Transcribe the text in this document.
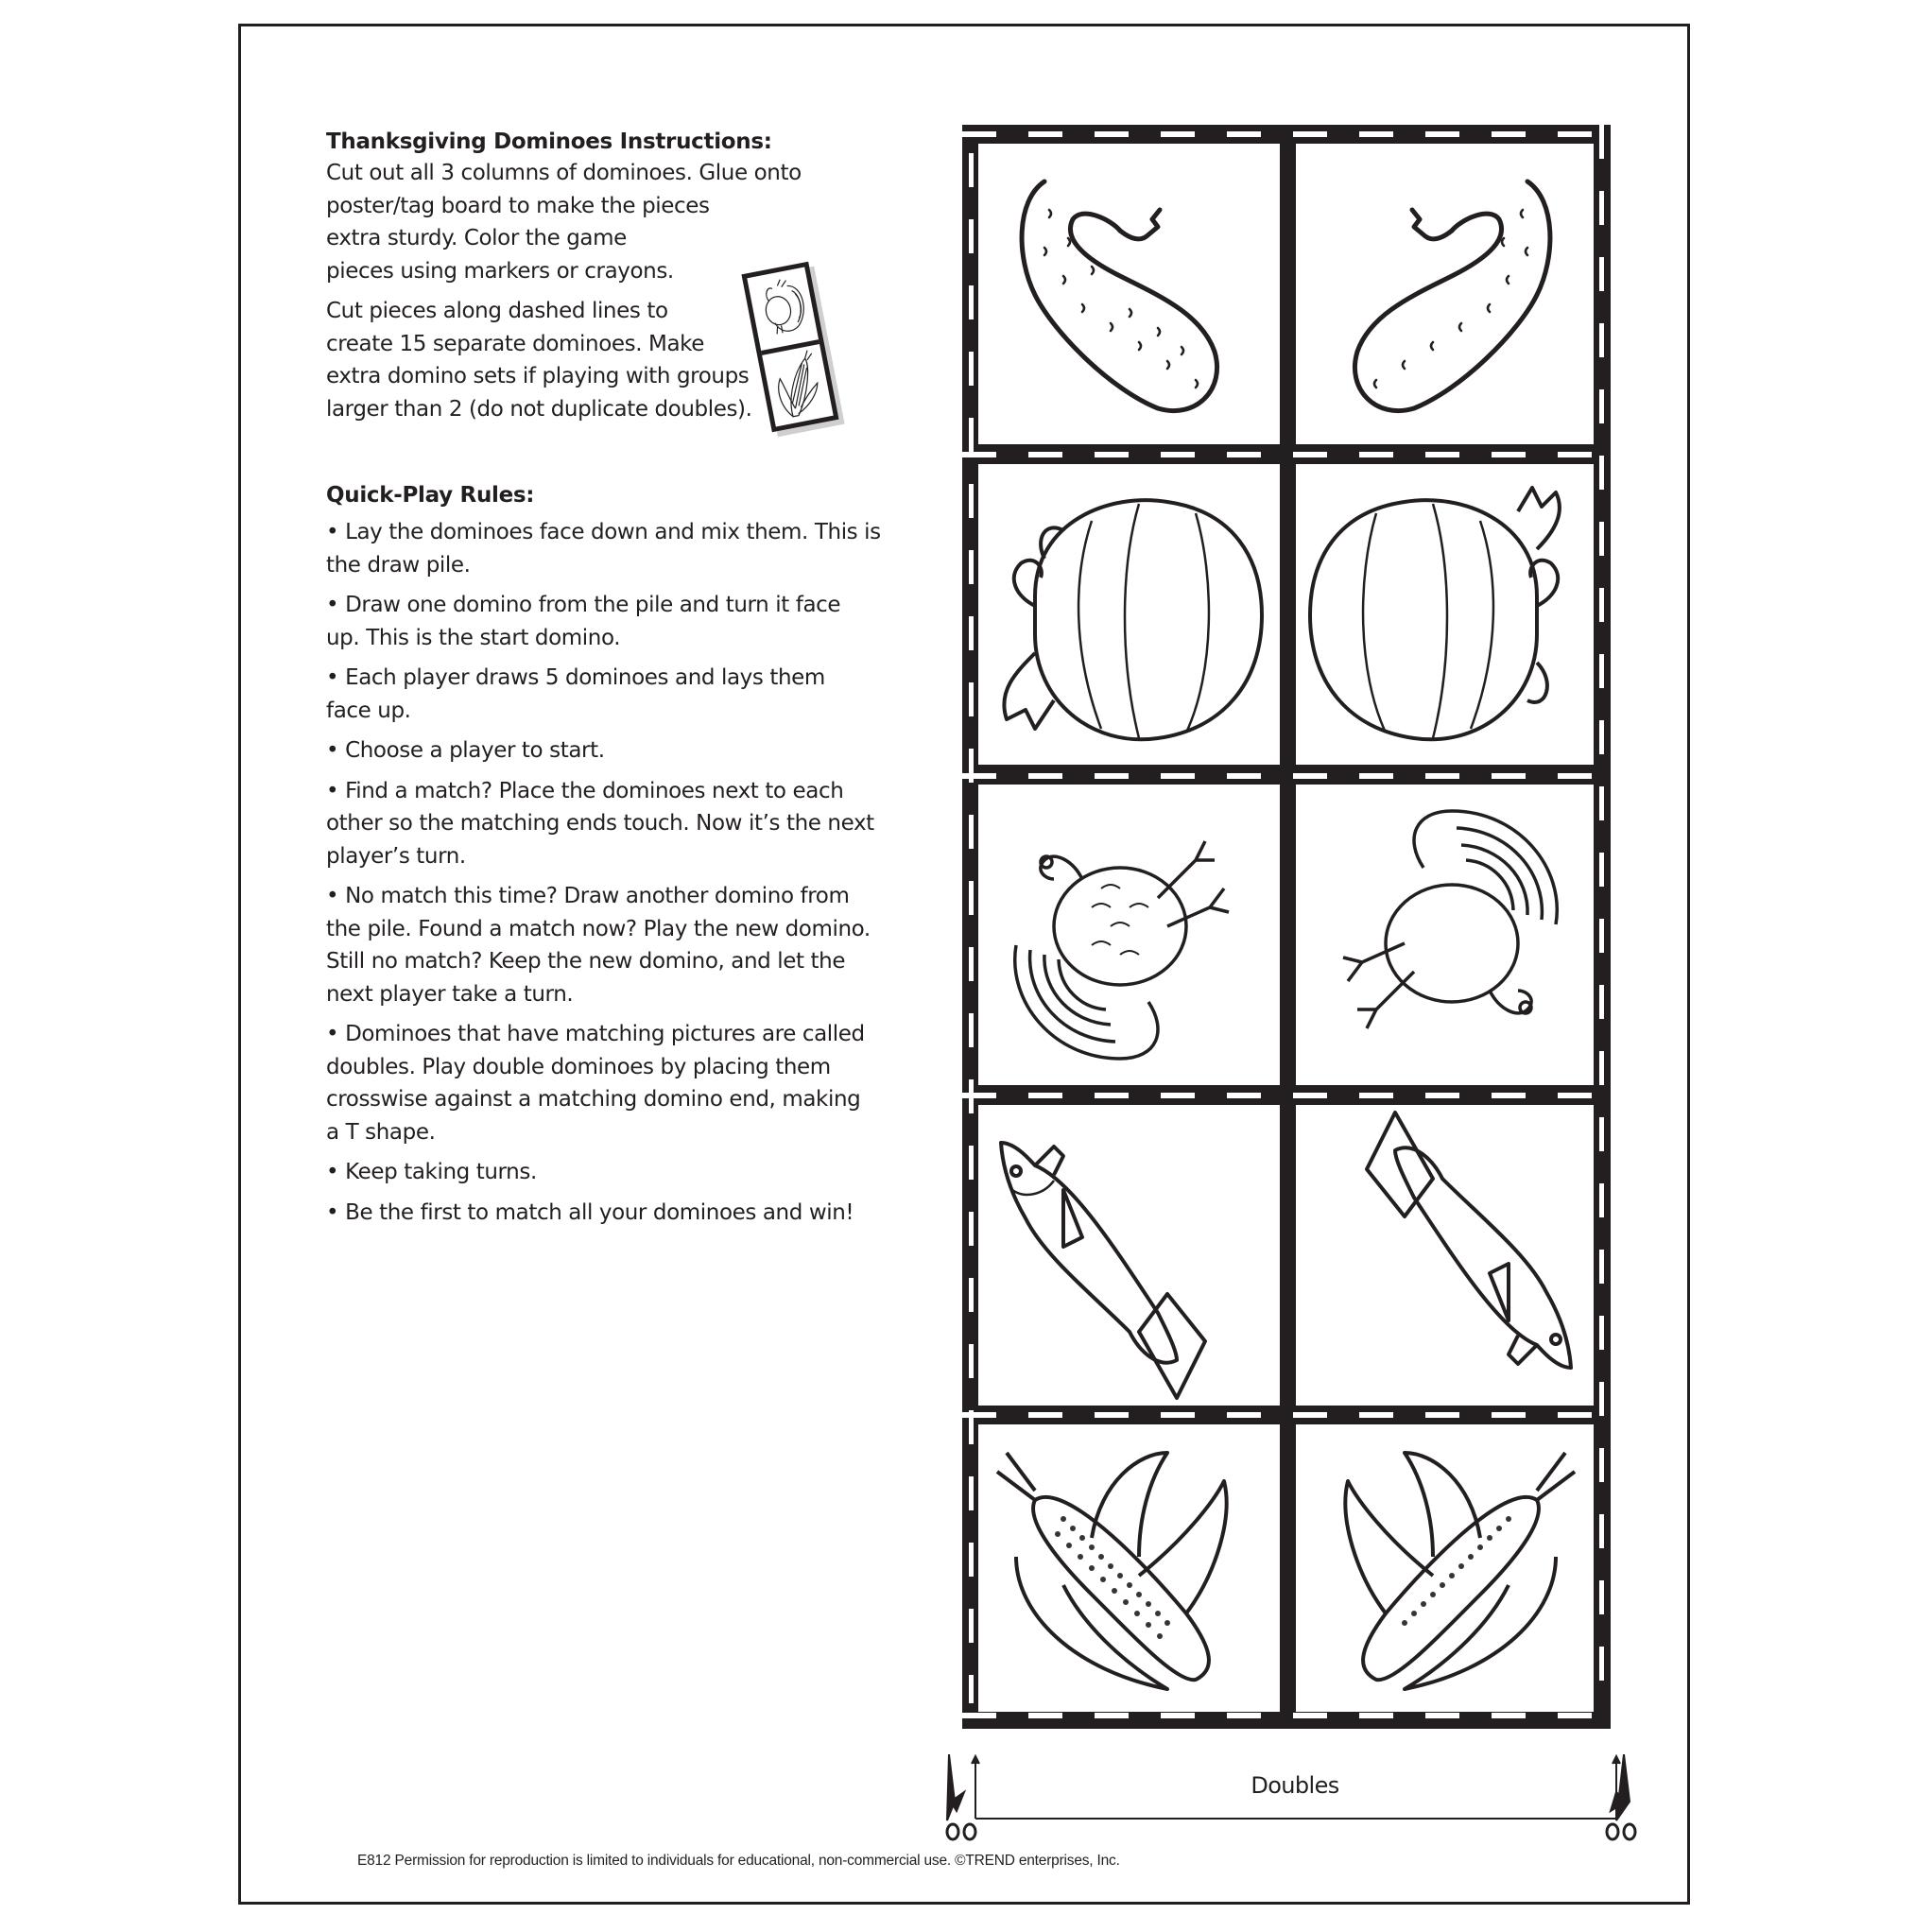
Thanksgiving Dominoes Instructions:

Cut out all 3 columns of dominoes. Glue onto
poster/tag board to make the pieces
extra sturdy. Color the game
pieces using markers or crayons.

Cut pieces along dashed lines to
create 15 separate dominoes. Make
extra domino sets if playing with groups
larger than 2 (do not duplicate doubles).

Quick-Play Rules:

• Lay the dominoes face down and mix them. This is
the draw pile.
• Draw one domino from the pile and turn it face
up. This is the start domino.
• Each player draws 5 dominoes and lays them
face up.
• Choose a player to start.
• Find a match? Place the dominoes next to each
other so the matching ends touch. Now it’s the next
player’s turn.
• No match this time? Draw another domino from
the pile. Found a match now? Play the new domino.
Still no match? Keep the new domino, and let the
next player take a turn.
• Dominoes that have matching pictures are called
doubles. Play double dominoes by placing them
crosswise against a matching domino end, making
a T shape.
• Keep taking turns.
• Be the first to match all your dominoes and win!
Doubles
E812 Permission for reproduction is limited to individuals for educational, non-commercial use. ©TREND enterprises, Inc.
